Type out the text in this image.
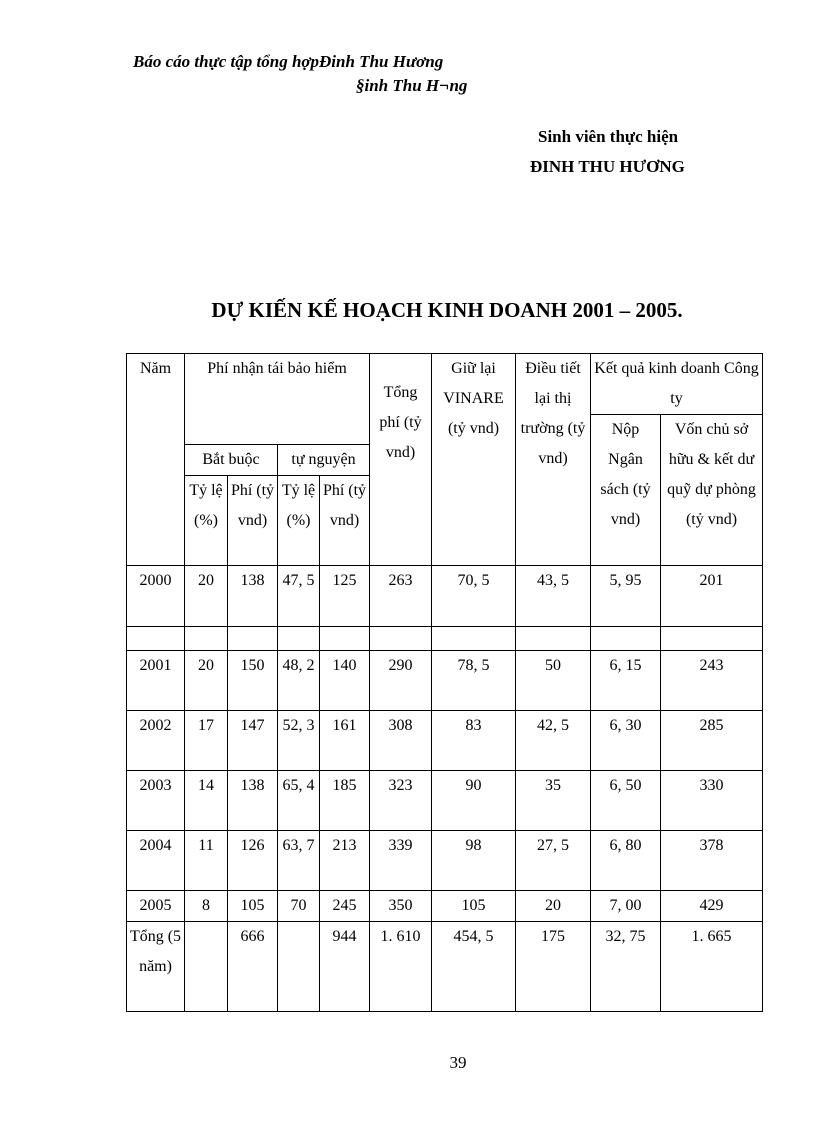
Báo cáo thực tập tổng hợpĐinh Thu Hương
§inh Thu H¬ng
Sinh viên thực hiện
ĐINH THU HƯƠNG
DỰ KIẾN KẾ HOẠCH KINH DOANH 2001 – 2005.
Năm	Phí nhận tái bảo hiểm				Tổng phí (tỷ vnd)	Giữ lại VINARE (tỷ vnd)	Điều tiết lại thị trường (tỷ vnd)	Kết quả kinh doanh Công ty	
								Nộp Ngân sách (tỷ vnd)	Vốn chủ sở hữu & kết dư quỹ dự phòng (tỷ vnd)

	Bắt buộc		tự nguyện						
	Tỷ lệ (%)	Phí (tỷ vnd)	Tỷ lệ (%)	Phí (tỷ vnd)					
2000	20	138	47, 5	125	263	70, 5	43, 5	5, 95	201

2001	20	150	48, 2	140	290	78, 5	50	6, 15	243
2002	17	147	52, 3	161	308	83	42, 5	6, 30	285
2003	14	138	65, 4	185	323	90	35	6, 50	330
2004	11	126	63, 7	213	339	98	27, 5	6, 80	378
2005	8	105	70	245	350	105	20	7, 00	429
Tổng (5 năm)		666		944	1. 610	454, 5	175	32, 75	1. 665
39
